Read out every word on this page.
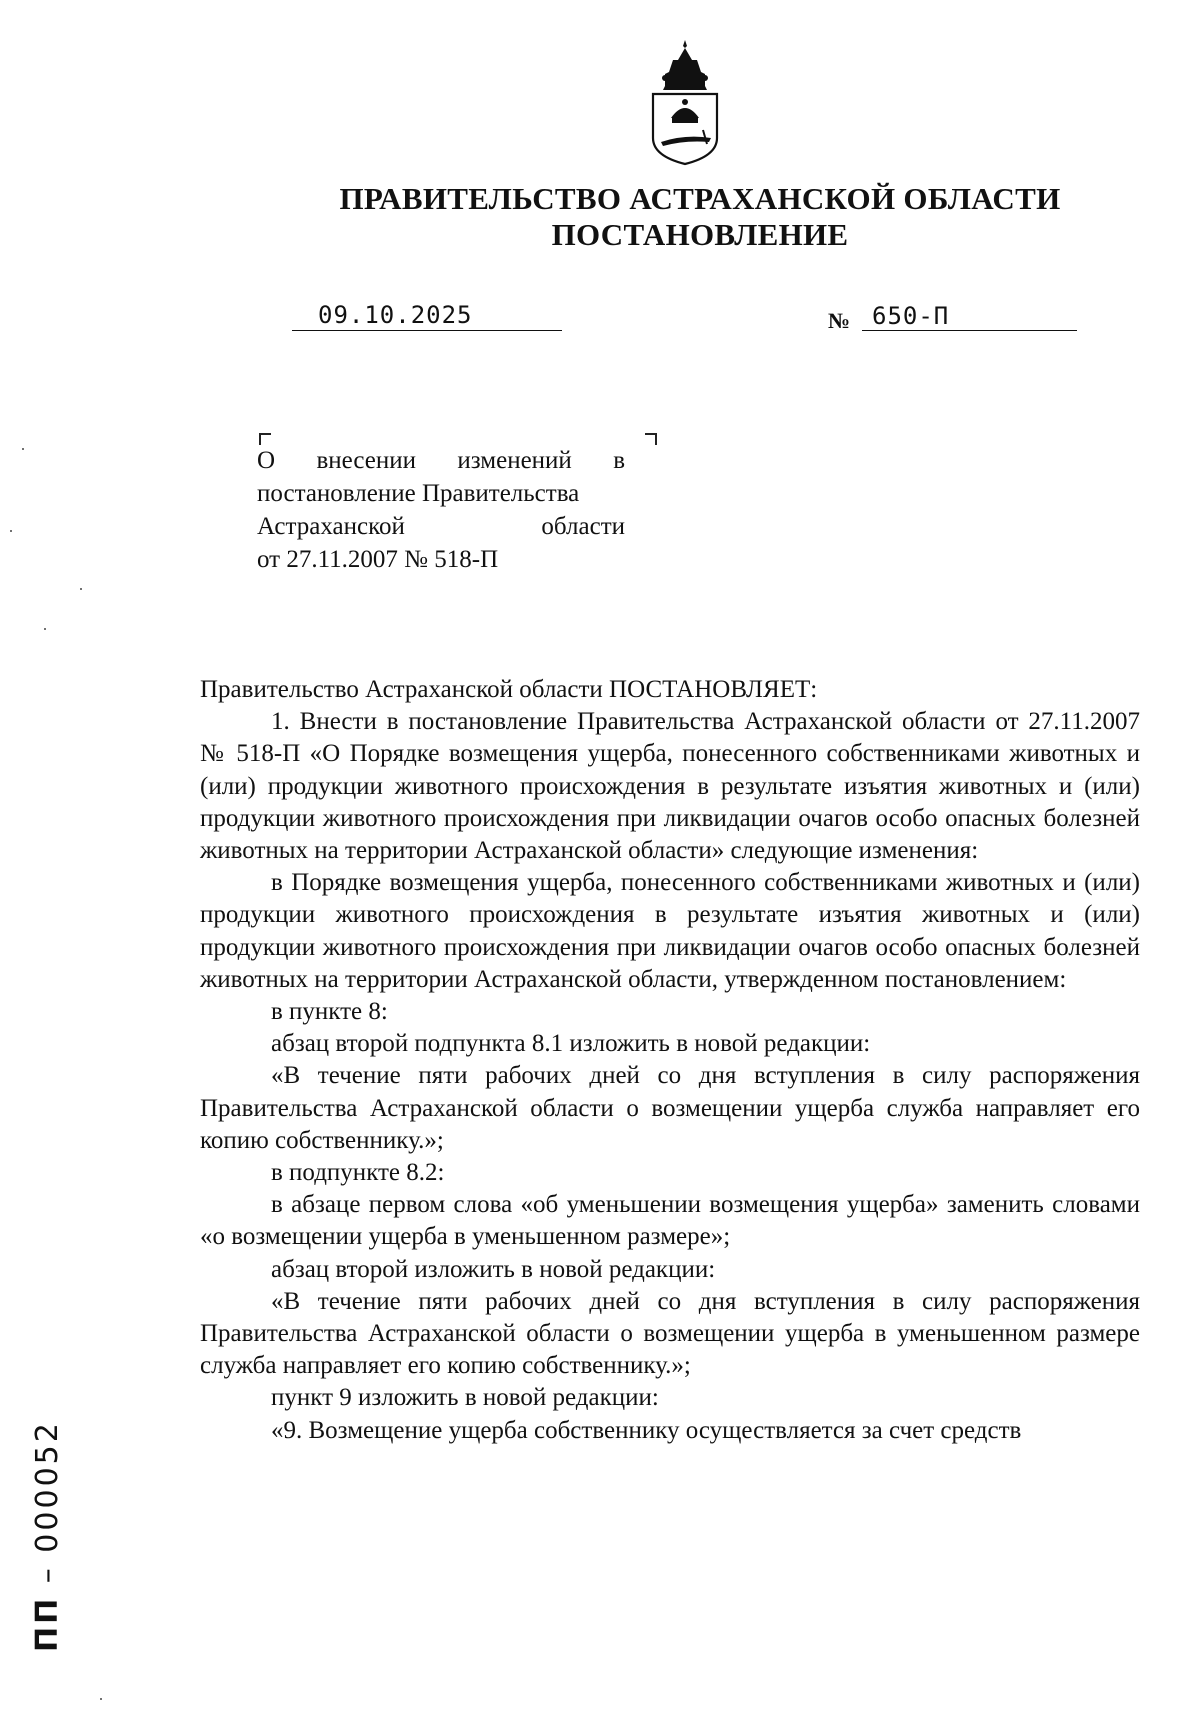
ПРАВИТЕЛЬСТВО АСТРАХАНСКОЙ ОБЛАСТИ
ПОСТАНОВЛЕНИЕ
09.10.2025	№ 650-П
О внесении изменений в
постановление Правительства
Астраханской области
от 27.11.2007 № 518-П

Правительство Астраханской области ПОСТАНОВЛЯЕТ:

1. Внести в постановление Правительства Астраханской области от 27.11.2007 № 518-П «О Порядке возмещения ущерба, понесенного собственниками животных и (или) продукции животного происхождения в результате изъятия животных и (или) продукции животного происхождения при ликвидации очагов особо опасных болезней животных на территории Астраханской области» следующие изменения:

в Порядке возмещения ущерба, понесенного собственниками животных и (или) продукции животного происхождения в результате изъятия животных и (или) продукции животного происхождения при ликвидации очагов особо опасных болезней животных на территории Астраханской области, утвержденном постановлением:

в пункте 8:

абзац второй подпункта 8.1 изложить в новой редакции:

«В течение пяти рабочих дней со дня вступления в силу распоряжения Правительства Астраханской области о возмещении ущерба служба направляет его копию собственнику.»;

в подпункте 8.2:

в абзаце первом слова «об уменьшении возмещения ущерба» заменить словами «о возмещении ущерба в уменьшенном размере»;

абзац второй изложить в новой редакции:

«В течение пяти рабочих дней со дня вступления в силу распоряжения Правительства Астраханской области о возмещении ущерба в уменьшенном размере служба направляет его копию собственнику.»;

пункт 9 изложить в новой редакции:

«9. Возмещение ущерба собственнику осуществляется за счет средств

ПП – 000052
